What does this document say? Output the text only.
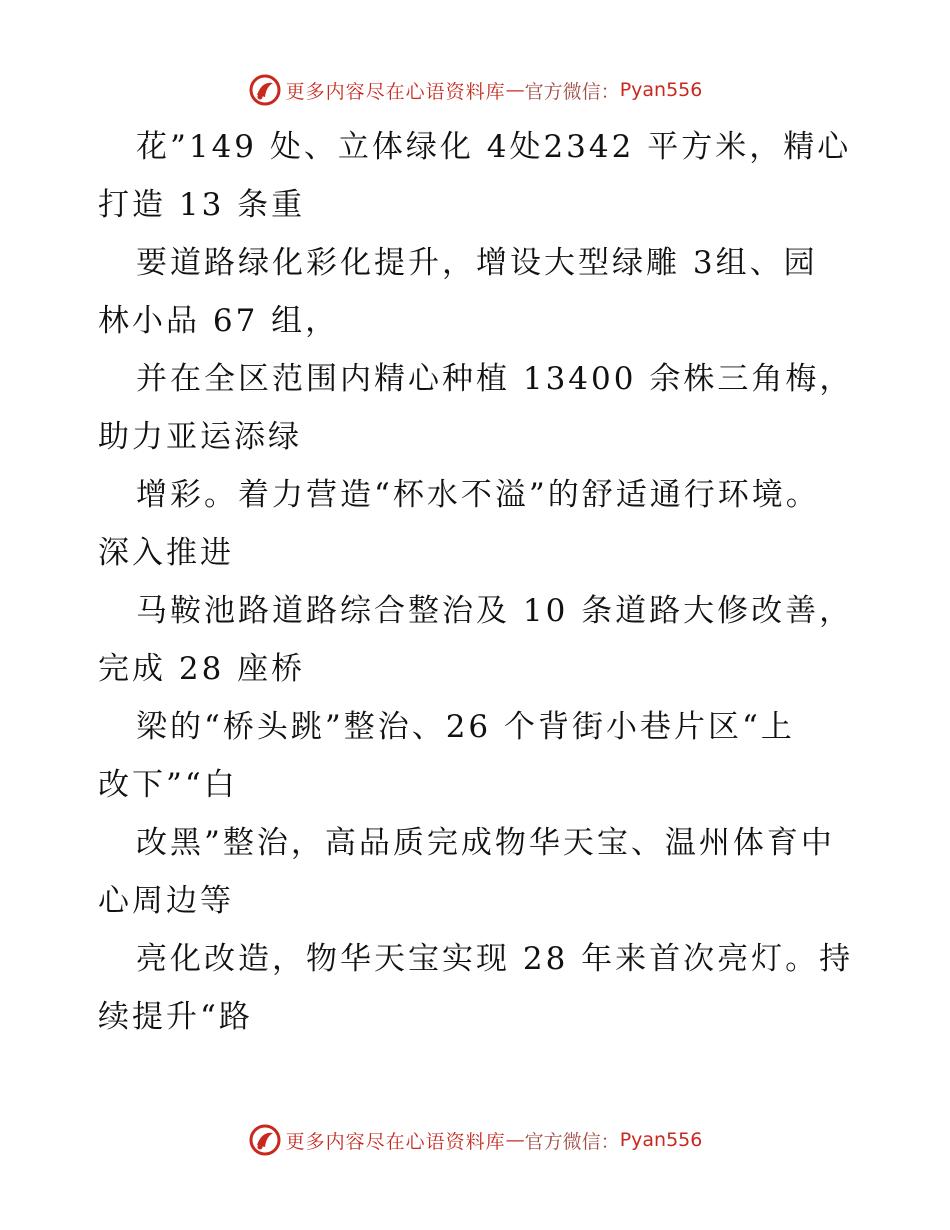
更多内容尽在心语资料库 — 官方微信： Pyan556
花”149 处、立体绿化 4处2342 平方米，精心
打造 13 条重
要道路绿化彩化提升，增设大型绿雕 3组、园
林小品 67 组，
并在全区范围内精心种植 13400 余株三角梅，
助力亚运添绿
增彩。着力营造“杯水不溢”的舒适通行环境。
深入推进
马鞍池路道路综合整治及 10 条道路大修改善，
完成 28 座桥
梁的“桥头跳”整治、26 个背街小巷片区“上
改下”“白
改黑”整治，高品质完成物华天宝、温州体育中
心周边等
亮化改造，物华天宝实现 28 年来首次亮灯。持
续提升“路
更多内容尽在心语资料库 — 官方微信： Pyan556
